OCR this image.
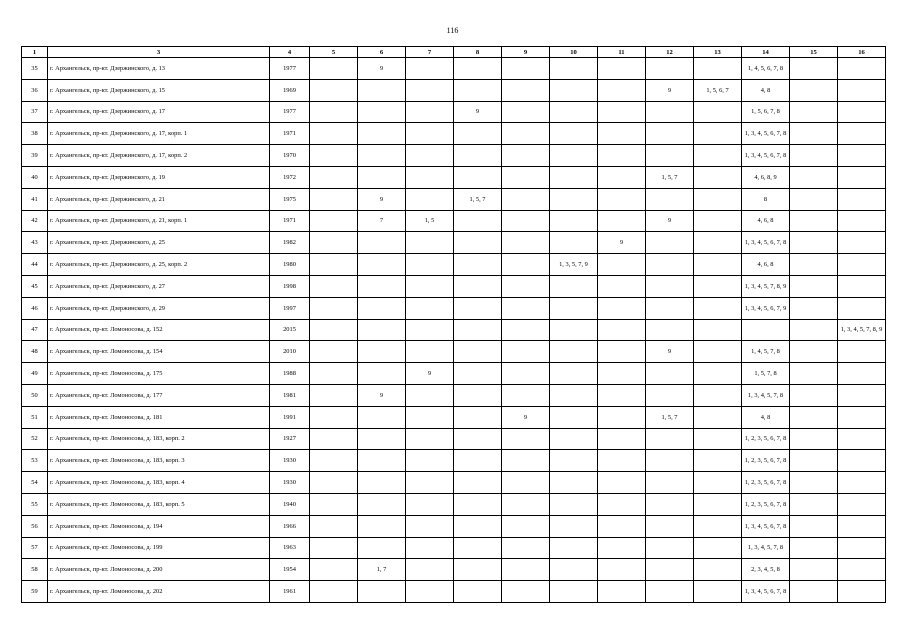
116
1	3	4	5	6	7	8	9	10	11	12	13	14	15	16
35	г. Архангельск, пр-кт. Дзержинского, д. 13	1977		9								1, 4, 5, 6, 7, 8		
36	г. Архангельск, пр-кт. Дзержинского, д. 15	1969								9	1, 5, 6, 7	4, 8		
37	г. Архангельск, пр-кт. Дзержинского, д. 17	1977				9						1, 5, 6, 7, 8		
38	г. Архангельск, пр-кт. Дзержинского, д. 17, корп. 1	1971										1, 3, 4, 5, 6, 7, 8		
39	г. Архангельск, пр-кт. Дзержинского, д. 17, корп. 2	1970										1, 3, 4, 5, 6, 7, 8		
40	г. Архангельск, пр-кт. Дзержинского, д. 19	1972								1, 5, 7		4, 6, 8, 9		
41	г. Архангельск, пр-кт. Дзержинского, д. 21	1975		9		1, 5, 7						8		
42	г. Архангельск, пр-кт. Дзержинского, д. 21, корп. 1	1971		7	1, 5					9		4, 6, 8		
43	г. Архангельск, пр-кт. Дзержинского, д. 25	1982							9			1, 3, 4, 5, 6, 7, 8		
44	г. Архангельск, пр-кт. Дзержинского, д. 25, корп. 2	1980						1, 3, 5, 7, 9				4, 6, 8		
45	г. Архангельск, пр-кт. Дзержинского, д. 27	1998										1, 3, 4, 5, 7, 8, 9		
46	г. Архангельск, пр-кт. Дзержинского, д. 29	1997										1, 3, 4, 5, 6, 7, 9		
47	г. Архангельск, пр-кт. Ломоносова, д. 152	2015												1, 3, 4, 5, 7, 8, 9
48	г. Архангельск, пр-кт. Ломоносова, д. 154	2010								9		1, 4, 5, 7, 8		
49	г. Архангельск, пр-кт. Ломоносова, д. 175	1988			9							1, 5, 7, 8		
50	г. Архангельск, пр-кт. Ломоносова, д. 177	1981		9								1, 3, 4, 5, 7, 8		
51	г. Архангельск, пр-кт. Ломоносова, д. 181	1991					9			1, 5, 7		4, 8		
52	г. Архангельск, пр-кт. Ломоносова, д. 183, корп. 2	1927										1, 2, 3, 5, 6, 7, 8		
53	г. Архангельск, пр-кт. Ломоносова, д. 183, корп. 3	1930										1, 2, 3, 5, 6, 7, 8		
54	г. Архангельск, пр-кт. Ломоносова, д. 183, корп. 4	1930										1, 2, 3, 5, 6, 7, 8		
55	г. Архангельск, пр-кт. Ломоносова, д. 183, корп. 5	1940										1, 2, 3, 5, 6, 7, 8		
56	г. Архангельск, пр-кт. Ломоносова, д. 194	1966										1, 3, 4, 5, 6, 7, 8		
57	г. Архангельск, пр-кт. Ломоносова, д. 199	1963										1, 3, 4, 5, 7, 8		
58	г. Архангельск, пр-кт. Ломоносова, д. 200	1954		1, 7								2, 3, 4, 5, 8		
59	г. Архангельск, пр-кт. Ломоносова, д. 202	1961										1, 3, 4, 5, 6, 7, 8		
